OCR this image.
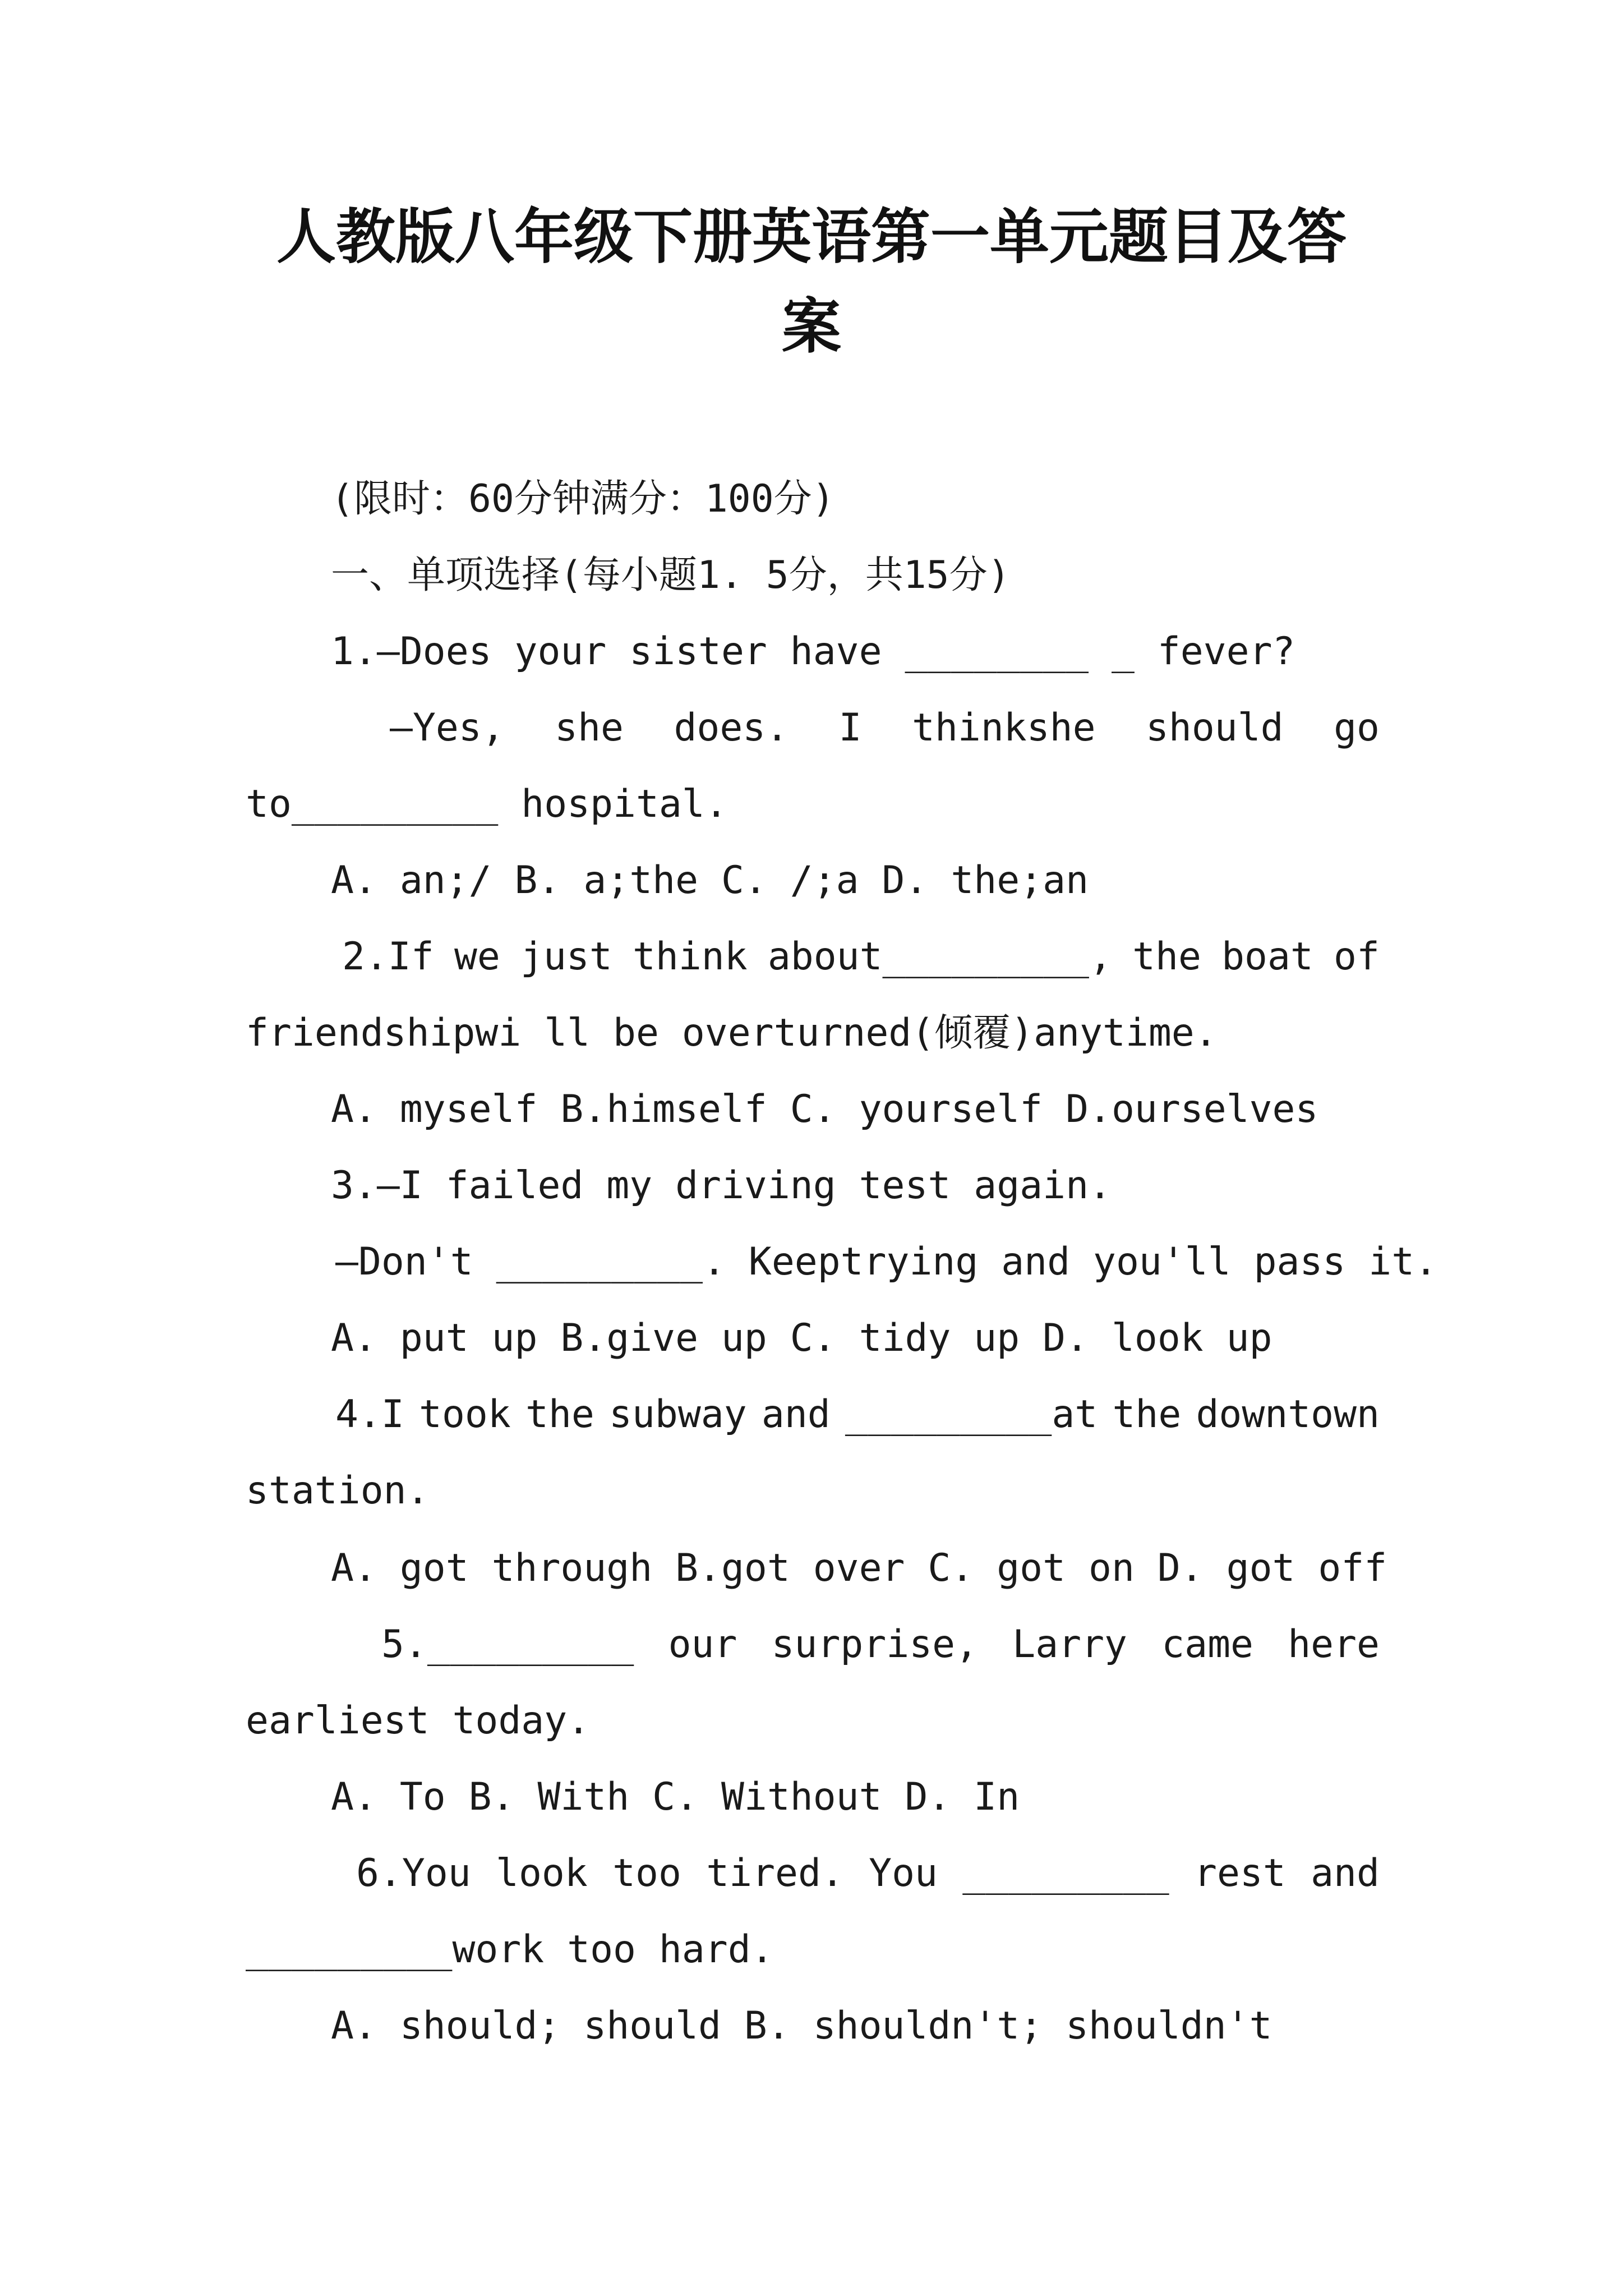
人教版八年级下册英语第一单元题目及答
案
(限时：60分钟满分：100分)
一、单项选择(每小题1. 5分，共15分)
1.—Does your sister have ________ _ fever?
—Yes, she does. I thinkshe should go
to_________ hospital.
A. an;/ B. a;the C. /;a D. the;an
2.If we just think about_________, the boat of
friendshipwi ll be overturned(倾覆)anytime.
A. myself B.himself C. yourself D.ourselves
3.—I failed my driving test again.
—Don't _________. Keeptrying and you'll pass it.
A. put up B.give up C. tidy up D. look up
4.I took the subway and _________at the downtown
station.
A. got through B.got over C. got on D. got off
5._________ our surprise, Larry came here
earliest today.
A. To B. With C. Without D. In
6.You look too tired. You _________ rest and
_________work too hard.
A. should; should B. shouldn't; shouldn't
